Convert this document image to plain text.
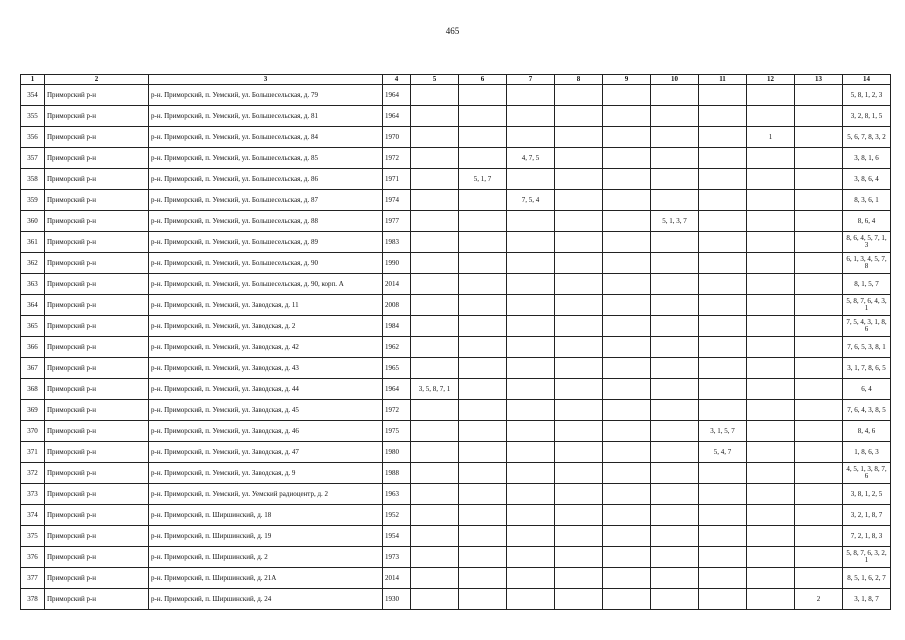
465
1	2	3	4	5	6	7	8	9	10	11	12	13	14
354	Приморский р-н	р-н. Приморский, п. Уемский, ул. Большесельская, д. 79	1964										5, 8, 1, 2, 3
355	Приморский р-н	р-н. Приморский, п. Уемский, ул. Большесельская, д. 81	1964										3, 2, 8, 1, 5
356	Приморский р-н	р-н. Приморский, п. Уемский, ул. Большесельская, д. 84	1970								1		5, 6, 7, 8, 3, 2
357	Приморский р-н	р-н. Приморский, п. Уемский, ул. Большесельская, д. 85	1972			4, 7, 5							3, 8, 1, 6
358	Приморский р-н	р-н. Приморский, п. Уемский, ул. Большесельская, д. 86	1971		5, 1, 7								3, 8, 6, 4
359	Приморский р-н	р-н. Приморский, п. Уемский, ул. Большесельская, д. 87	1974			7, 5, 4							8, 3, 6, 1
360	Приморский р-н	р-н. Приморский, п. Уемский, ул. Большесельская, д. 88	1977						5, 1, 3, 7				8, 6, 4
361	Приморский р-н	р-н. Приморский, п. Уемский, ул. Большесельская, д. 89	1983										8, 6, 4, 5, 7, 1, 3
362	Приморский р-н	р-н. Приморский, п. Уемский, ул. Большесельская, д. 90	1990										6, 1, 3, 4, 5, 7, 8
363	Приморский р-н	р-н. Приморский, п. Уемский, ул. Большесельская, д. 90, корп. А	2014										8, 1, 5, 7
364	Приморский р-н	р-н. Приморский, п. Уемский, ул. Заводская, д. 11	2008										5, 8, 7, 6, 4, 3, 1
365	Приморский р-н	р-н. Приморский, п. Уемский, ул. Заводская, д. 2	1984										7, 5, 4, 3, 1, 8, 6
366	Приморский р-н	р-н. Приморский, п. Уемский, ул. Заводская, д. 42	1962										7, 6, 5, 3, 8, 1
367	Приморский р-н	р-н. Приморский, п. Уемский, ул. Заводская, д. 43	1965										3, 1, 7, 8, 6, 5
368	Приморский р-н	р-н. Приморский, п. Уемский, ул. Заводская, д. 44	1964	3, 5, 8, 7, 1									6, 4
369	Приморский р-н	р-н. Приморский, п. Уемский, ул. Заводская, д. 45	1972										7, 6, 4, 3, 8, 5
370	Приморский р-н	р-н. Приморский, п. Уемский, ул. Заводская, д. 46	1975							3, 1, 5, 7			8, 4, 6
371	Приморский р-н	р-н. Приморский, п. Уемский, ул. Заводская, д. 47	1980							5, 4, 7			1, 8, 6, 3
372	Приморский р-н	р-н. Приморский, п. Уемский, ул. Заводская, д. 9	1988										4, 5, 1, 3, 8, 7, 6
373	Приморский р-н	р-н. Приморский, п. Уемский, ул. Уемский радиоцентр, д. 2	1963										3, 8, 1, 2, 5
374	Приморский р-н	р-н. Приморский, п. Ширшинский, д. 18	1952										3, 2, 1, 8, 7
375	Приморский р-н	р-н. Приморский, п. Ширшинский, д. 19	1954										7, 2, 1, 8, 3
376	Приморский р-н	р-н. Приморский, п. Ширшинский, д. 2	1973										5, 8, 7, 6, 3, 2, 1
377	Приморский р-н	р-н. Приморский, п. Ширшинский, д. 21А	2014										8, 5, 1, 6, 2, 7
378	Приморский р-н	р-н. Приморский, п. Ширшинский, д. 24	1930									2	3, 1, 8, 7
